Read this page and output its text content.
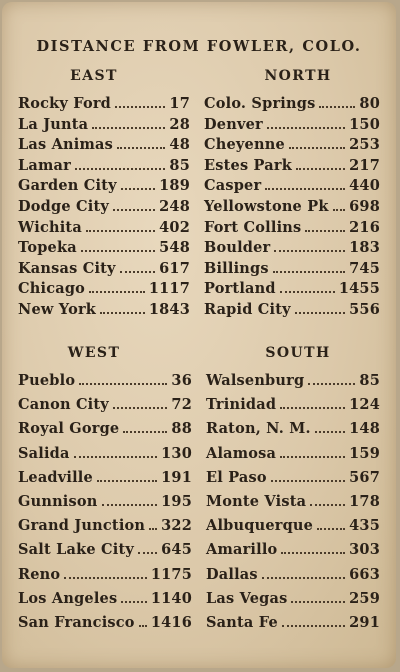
DISTANCE FROM FOWLER, COLO.
EAST	NORTH
WEST	SOUTH
Rocky Ford	17
La Junta	28
Las Animas	48
Lamar	85
Garden City	189
Dodge City	248
Wichita	402
Topeka	548
Kansas City	617
Chicago	1117
New York	1843
Colo. Springs	80
Denver	150
Cheyenne	253
Estes Park	217
Casper	440
Yellowstone Pk 698
Fort Collins	216
Boulder	183
Billings	745
Portland	1455
Rapid City	556
Pueblo	36
Canon City	72
Royal Gorge	88
Salida	130
Leadville	191
Gunnison	195
Grand Junction 322
Salt Lake City 645
Reno	1175
Los Angeles 1140
San Francisco 1416
Walsenburg	85
Trinidad	124
Raton, N. M.	148
Alamosa	159
El Paso	567
Monte Vista	178
Albuquerque 435
Amarillo	303
Dallas	663
Las Vegas	259
Santa Fe	291
